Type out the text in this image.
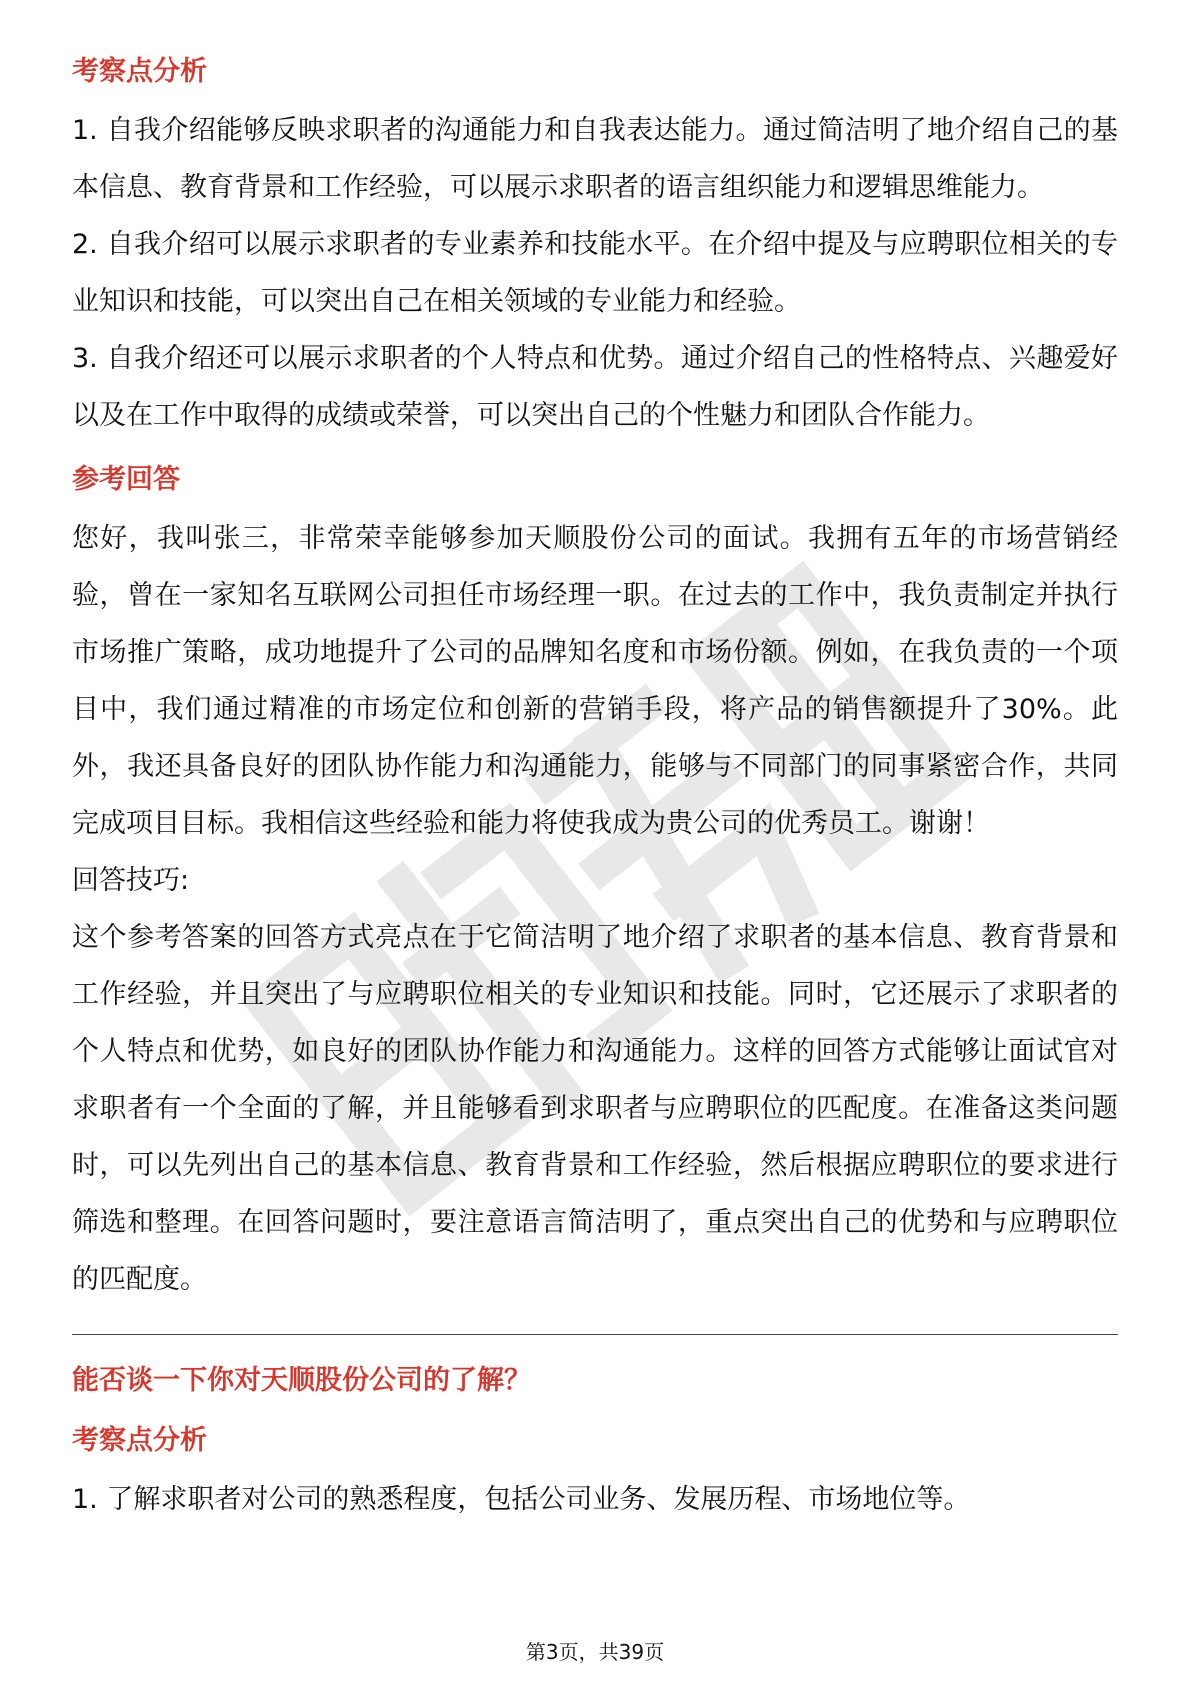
考察点分析

1. 自我介绍能够反映求职者的沟通能力和自我表达能力。通过简洁明了地介绍自己的基本信息、教育背景和工作经验，可以展示求职者的语言组织能力和逻辑思维能力。

2. 自我介绍可以展示求职者的专业素养和技能水平。在介绍中提及与应聘职位相关的专业知识和技能，可以突出自己在相关领域的专业能力和经验。

3. 自我介绍还可以展示求职者的个人特点和优势。通过介绍自己的性格特点、兴趣爱好以及在工作中取得的成绩或荣誉，可以突出自己的个性魅力和团队合作能力。

参考回答

您好，我叫张三，非常荣幸能够参加天顺股份公司的面试。我拥有五年的市场营销经验，曾在一家知名互联网公司担任市场经理一职。在过去的工作中，我负责制定并执行市场推广策略，成功地提升了公司的品牌知名度和市场份额。例如，在我负责的一个项目中，我们通过精准的市场定位和创新的营销手段，将产品的销售额提升了30%。此外，我还具备良好的团队协作能力和沟通能力，能够与不同部门的同事紧密合作，共同完成项目目标。我相信这些经验和能力将使我成为贵公司的优秀员工。谢谢！

回答技巧:

这个参考答案的回答方式亮点在于它简洁明了地介绍了求职者的基本信息、教育背景和工作经验，并且突出了与应聘职位相关的专业知识和技能。同时，它还展示了求职者的个人特点和优势，如良好的团队协作能力和沟通能力。这样的回答方式能够让面试官对求职者有一个全面的了解，并且能够看到求职者与应聘职位的匹配度。在准备这类问题时，可以先列出自己的基本信息、教育背景和工作经验，然后根据应聘职位的要求进行筛选和整理。在回答问题时，要注意语言简洁明了，重点突出自己的优势和与应聘职位的匹配度。

能否谈一下你对天顺股份公司的了解？
考察点分析

1. 了解求职者对公司的熟悉程度，包括公司业务、发展历程、市场地位等。

第3页，共39页
